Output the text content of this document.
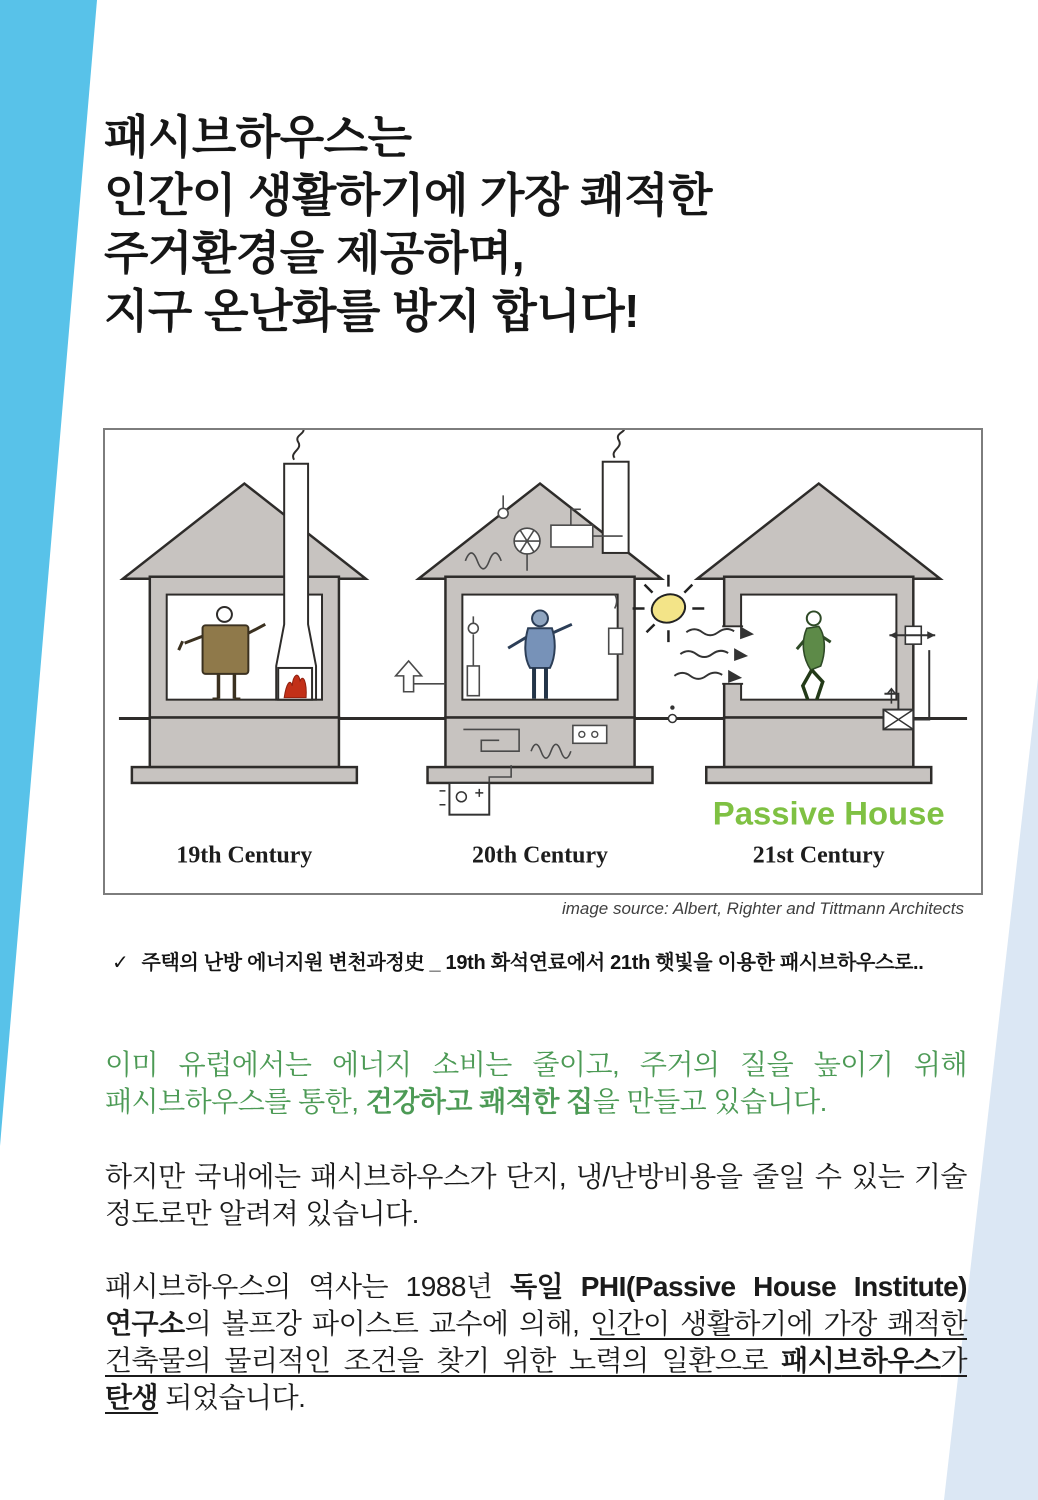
패시브하우스는
인간이 생활하기에 가장 쾌적한
주거환경을 제공하며,
지구 온난화를 방지 합니다!
19th Century	20th Century
Passive House
21st Century
image source: Albert, Righter and Tittmann Architects
✓ 주택의 난방 에너지원 변천과정史 _ 19th 화석연료에서 21th 햇빛을 이용한 패시브하우스로..
이미 유럽에서는 에너지 소비는 줄이고, 주거의 질을 높이기 위해 패시브하우스를 통한, 건강하고 쾌적한 집을 만들고 있습니다.
하지만 국내에는 패시브하우스가 단지, 냉/난방비용을 줄일 수 있는 기술 정도로만 알려져 있습니다.
패시브하우스의 역사는 1988년 독일 PHI(Passive House Institute) 연구소의 볼프강 파이스트 교수에 의해, 인간이 생활하기에 가장 쾌적한 건축물의 물리적인 조건을 찾기 위한 노력의 일환으로 패시브하우스가 탄생 되었습니다.
